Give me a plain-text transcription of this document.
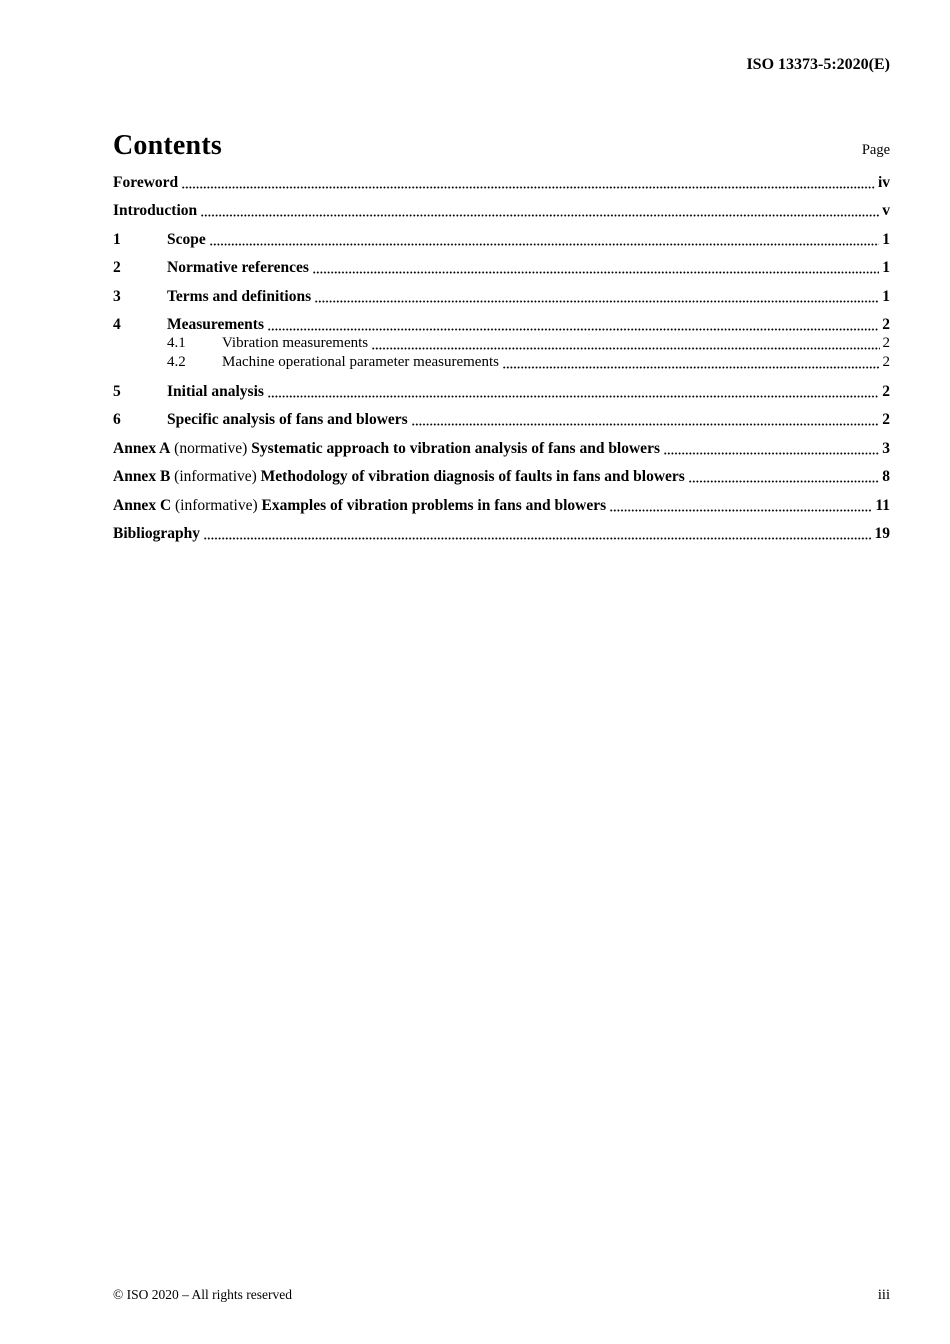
ISO 13373-5:2020(E)
Contents	Page
Foreword	iv
Introduction	v
1	Scope	1
2	Normative references	1
3	Terms and definitions	1
4	Measurements	2
4.1	Vibration measurements	2
4.2	Machine operational parameter measurements	2
5	Initial analysis	2
6	Specific analysis of fans and blowers	2
Annex A (normative) Systematic approach to vibration analysis of fans and blowers	3
Annex B (informative) Methodology of vibration diagnosis of faults in fans and blowers	8
Annex C (informative) Examples of vibration problems in fans and blowers	11
Bibliography	19
© ISO 2020 – All rights reserved	iii
